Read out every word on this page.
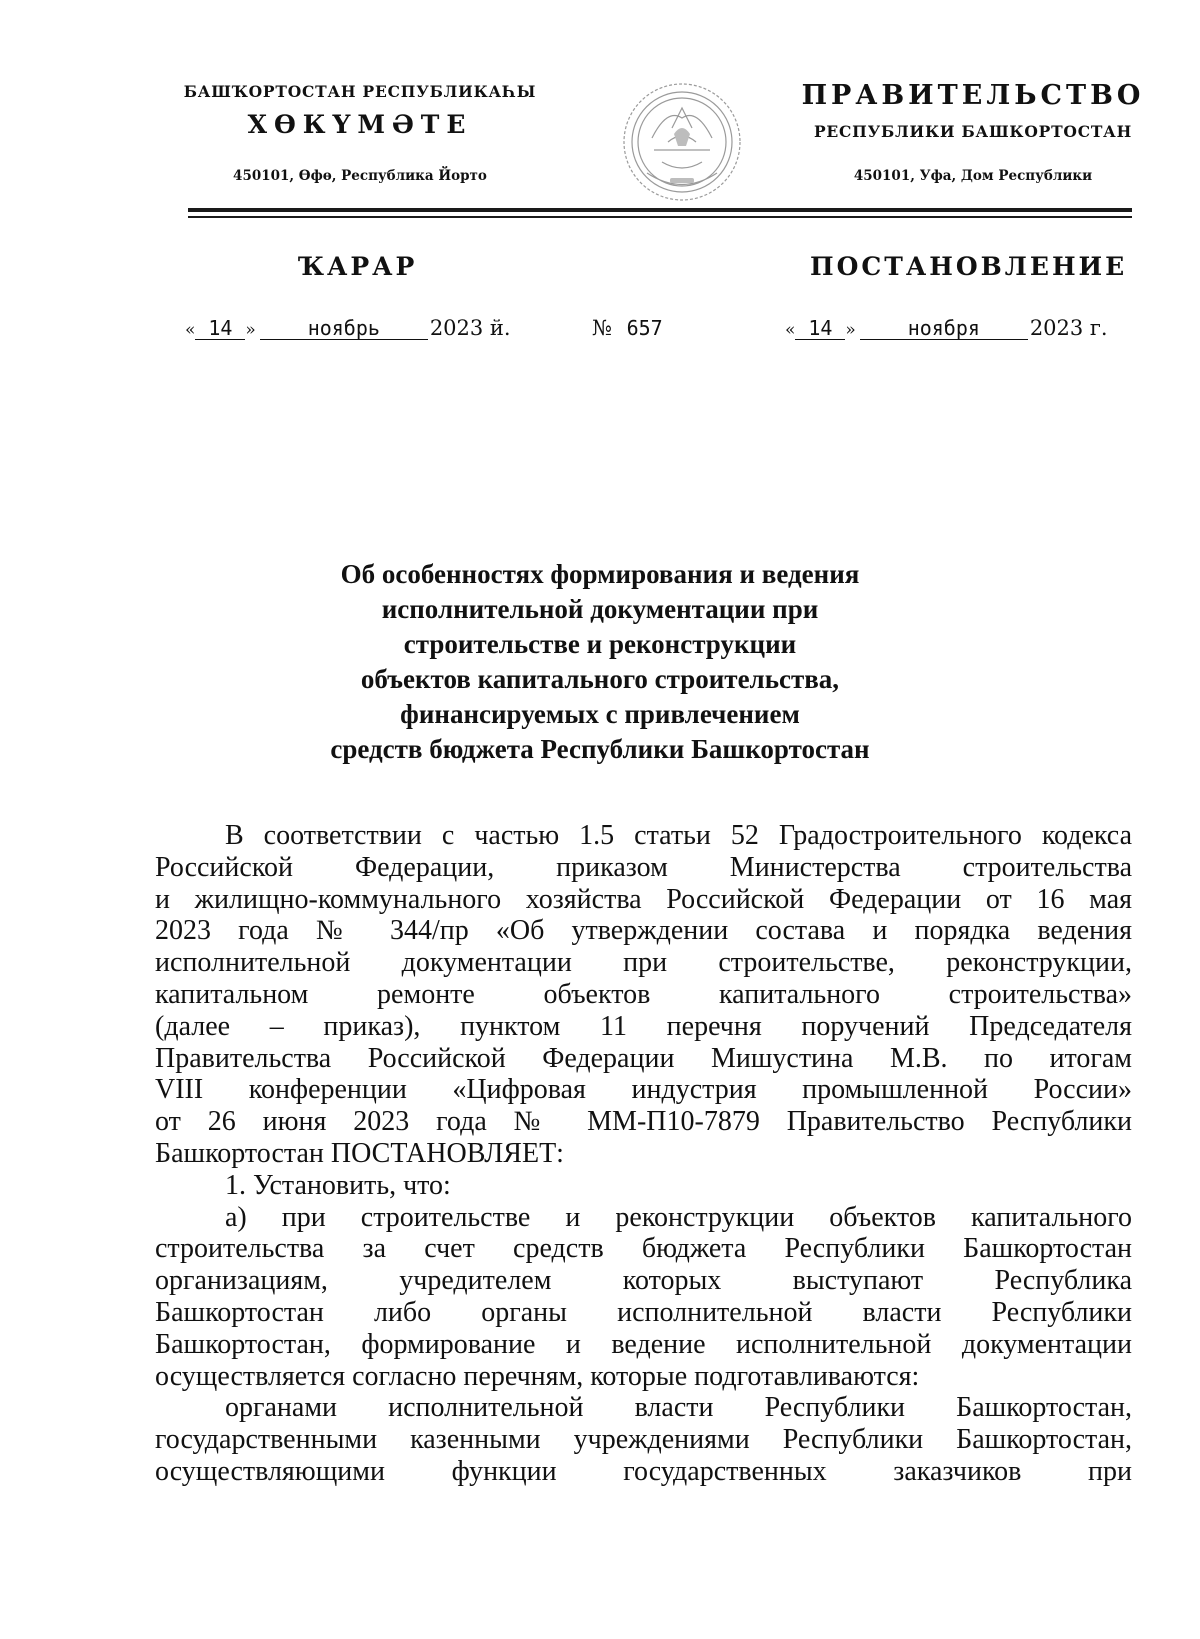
БАШҠОРТОСТАН РЕСПУБЛИКАҺЫ
ХӨКҮМӘТЕ
450101, Өфө, Республика Йорто
ПРАВИТЕЛЬСТВО
РЕСПУБЛИКИ БАШКОРТОСТАН
450101, Уфа, Дом Республики
ҠАРАР	ПОСТАНОВЛЕНИЕ
« 14 »	ноябрь 2023 й.	№ 657	« 14 »	ноября 2023 г.
Об особенностях формирования и ведения
исполнительной документации при
строительстве и реконструкции
объектов капитального строительства,
финансируемых с привлечением
средств бюджета Республики Башкортостан
В соответствии с частью 1.5 статьи 52 Градостроительного кодекса
Российской Федерации, приказом Министерства строительства
и жилищно-коммунального хозяйства Российской Федерации от 16 мая
2023 года № 344/пр «Об утверждении состава и порядка ведения
исполнительной документации при строительстве, реконструкции,
капитальном ремонте объектов капитального строительства»
(далее – приказ), пунктом 11 перечня поручений Председателя
Правительства Российской Федерации Мишустина М.В. по итогам
VIII конференции «Цифровая индустрия промышленной России»
от 26 июня 2023 года № ММ-П10-7879 Правительство Республики
Башкортостан ПОСТАНОВЛЯЕТ:
1. Установить, что:
а) при строительстве и реконструкции объектов капитального
строительства за счет средств бюджета Республики Башкортостан
организациям, учредителем которых выступают Республика
Башкортостан либо органы исполнительной власти Республики
Башкортостан, формирование и ведение исполнительной документации
осуществляется согласно перечням, которые подготавливаются:
органами исполнительной власти Республики Башкортостан,
государственными казенными учреждениями Республики Башкортостан,
осуществляющими функции государственных заказчиков при
